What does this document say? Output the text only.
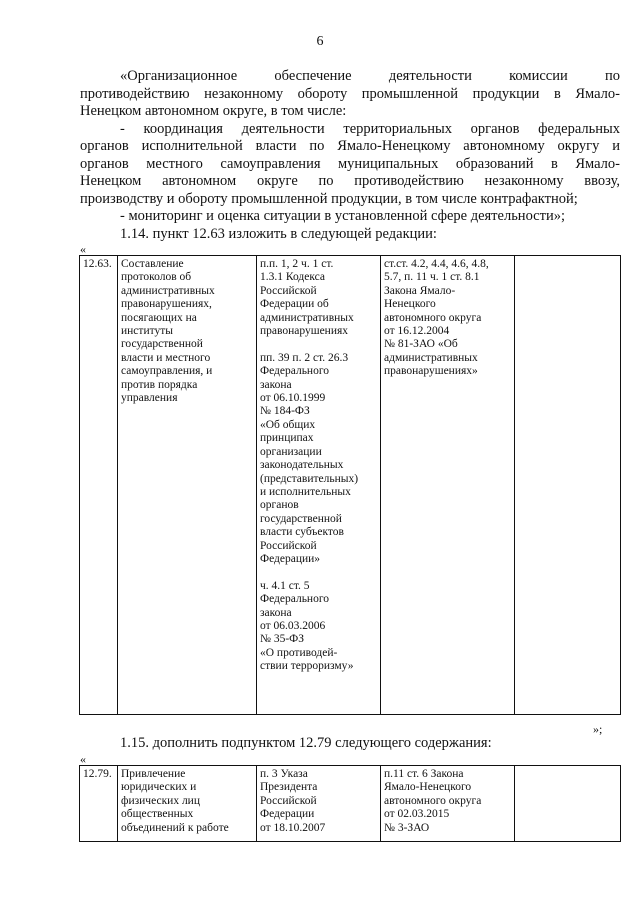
6
«Организационное обеспечение деятельности комиссии по
противодействию незаконному обороту промышленной продукции в Ямало-
Ненецком автономном округе, в том числе:
- координация деятельности территориальных органов федеральных
органов исполнительной власти по Ямало-Ненецкому автономному округу и
органов местного самоуправления муниципальных образований в Ямало-
Ненецком автономном округе по противодействию незаконному ввозу,
производству и обороту промышленной продукции, в том числе контрафактной;
- мониторинг и оценка ситуации в установленной сфере деятельности»;
1.14. пункт 12.63 изложить в следующей редакции:
«
12.63.	Составление
протоколов об
административных
правонарушениях,
посягающих на
институты
государственной
власти и местного
самоуправления, и
против порядка
управления	п.п. 1, 2 ч. 1 ст.
1.3.1 Кодекса
Российской
Федерации об
административных
правонарушениях

пп. 39 п. 2 ст. 26.3
Федерального
закона
от 06.10.1999
№ 184-ФЗ
«Об общих
принципах
организации
законодательных
(представительных)
и исполнительных
органов
государственной
власти субъектов
Российской
Федерации»

ч. 4.1 ст. 5
Федерального
закона
от 06.03.2006
№ 35-ФЗ
«О противодей-
ствии терроризму»	ст.ст. 4.2, 4.4, 4.6, 4.8,
5.7, п. 11 ч. 1 ст. 8.1
Закона Ямало-
Ненецкого
автономного округа
от 16.12.2004
№ 81-ЗАО «Об
административных
правонарушениях»	
»;
1.15. дополнить подпунктом 12.79 следующего содержания:
«
12.79.	Привлечение
юридических и
физических лиц
общественных
объединений к работе	п. 3 Указа
Президента
Российской
Федерации
от 18.10.2007	п.11 ст. 6 Закона
Ямало-Ненецкого
автономного округа
от 02.03.2015
№ 3-ЗАО	
